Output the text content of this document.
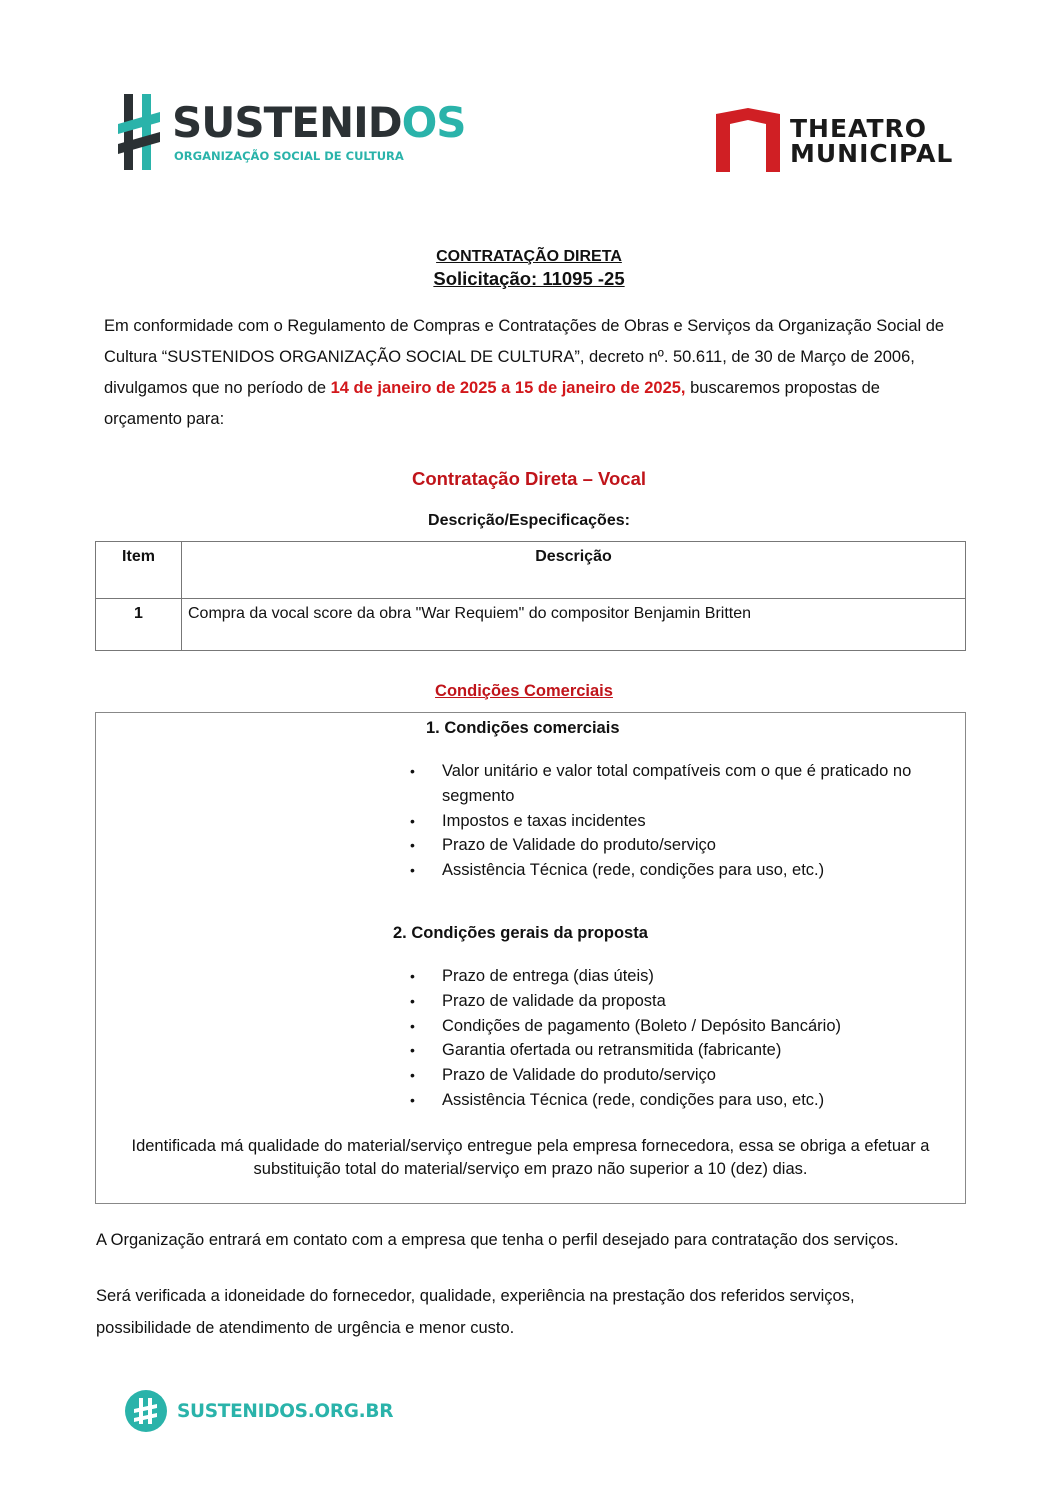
SUSTENIDOS
ORGANIZAÇÃO SOCIAL DE CULTURA
THEATRO
MUNICIPAL
CONTRATAÇÃO DIRETA
Solicitação: 11095 -25
Em conformidade com o Regulamento de Compras e Contratações de Obras e Serviços da Organização Social de Cultura “SUSTENIDOS ORGANIZAÇÃO SOCIAL DE CULTURA”, decreto nº. 50.611, de 30 de Março de 2006, divulgamos que no período de 14 de janeiro de 2025 a 15 de janeiro de 2025, buscaremos propostas de orçamento para:
Contratação Direta – Vocal
Descrição/Especificações:
Item	Descrição
1	Compra da vocal score da obra "War Requiem" do compositor Benjamin Britten
Condições Comerciais
1. Condições comerciais
• Valor unitário e valor total compatíveis com o que é praticado no segmento
• Impostos e taxas incidentes
• Prazo de Validade do produto/serviço
• Assistência Técnica (rede, condições para uso, etc.)
2. Condições gerais da proposta
• Prazo de entrega (dias úteis)
• Prazo de validade da proposta
• Condições de pagamento (Boleto / Depósito Bancário)
• Garantia ofertada ou retransmitida (fabricante)
• Prazo de Validade do produto/serviço
• Assistência Técnica (rede, condições para uso, etc.)
Identificada má qualidade do material/serviço entregue pela empresa fornecedora, essa se obriga a efetuar a substituição total do material/serviço em prazo não superior a 10 (dez) dias.
A Organização entrará em contato com a empresa que tenha o perfil desejado para contratação dos serviços.
Será verificada a idoneidade do fornecedor, qualidade, experiência na prestação dos referidos serviços, possibilidade de atendimento de urgência e menor custo.
SUSTENIDOS.ORG.BR
